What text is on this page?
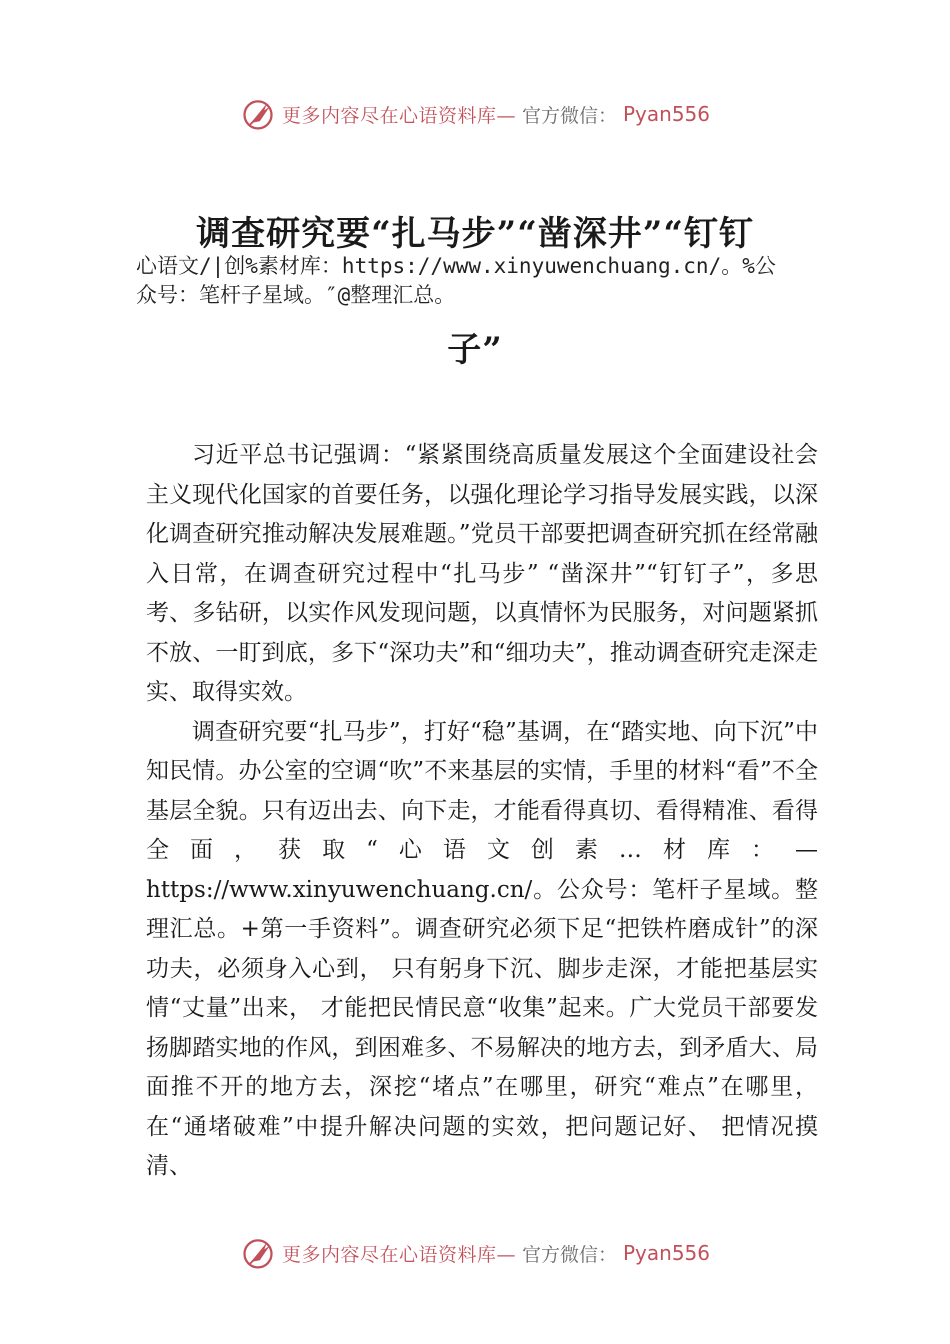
更多内容尽在心语资料库— 官方微信： Pyan556
调查研究要“扎马步”“凿深井”“钉钉
心语文/|创%素材库：https://www.xinyuwenchuang.cn/。%公
众号：笔杆子星域。″@整理汇总。
子”

习近平总书记强调：“紧紧围绕高质量发展这个全面建设社会主义现代化国家的首要任务，以强化理论学习指导发展实践，以深化调查研究推动解决发展难题。”党员干部要把调查研究抓在经常融入日常，在调查研究过程中“扎马步” “凿深井”“钉钉子”，多思考、多钻研，以实作风发现问题，以真情怀为民服务，对问题紧抓不放、一盯到底，多下“深功夫”和“细功夫”，推动调查研究走深走实、取得实效。

调查研究要“扎马步”，打好“稳”基调，在“踏实地、向下沉”中知民情。办公室的空调“吹”不来基层的实情，手里的材料“看”不全基层全貌。只有迈出去、向下走，才能看得真切、看得精准、看得全面，获取“心语文创素…材库：—https://www.xinyuwenchuang.cn/。公众号：笔杆子星域。整理汇总。+第一手资料”。调查研究必须下足“把铁杵磨成针”的深功夫，必须身入心到， 只有躬身下沉、脚步走深，才能把基层实情“丈量”出来， 才能把民情民意“收集”起来。广大党员干部要发扬脚踏实地的作风，到困难多、不易解决的地方去，到矛盾大、局面推不开的地方去，深挖“堵点”在哪里，研究“难点”在哪里，在“通堵破难”中提升解决问题的实效，把问题记好、 把情况摸清、

更多内容尽在心语资料库— 官方微信： Pyan556
